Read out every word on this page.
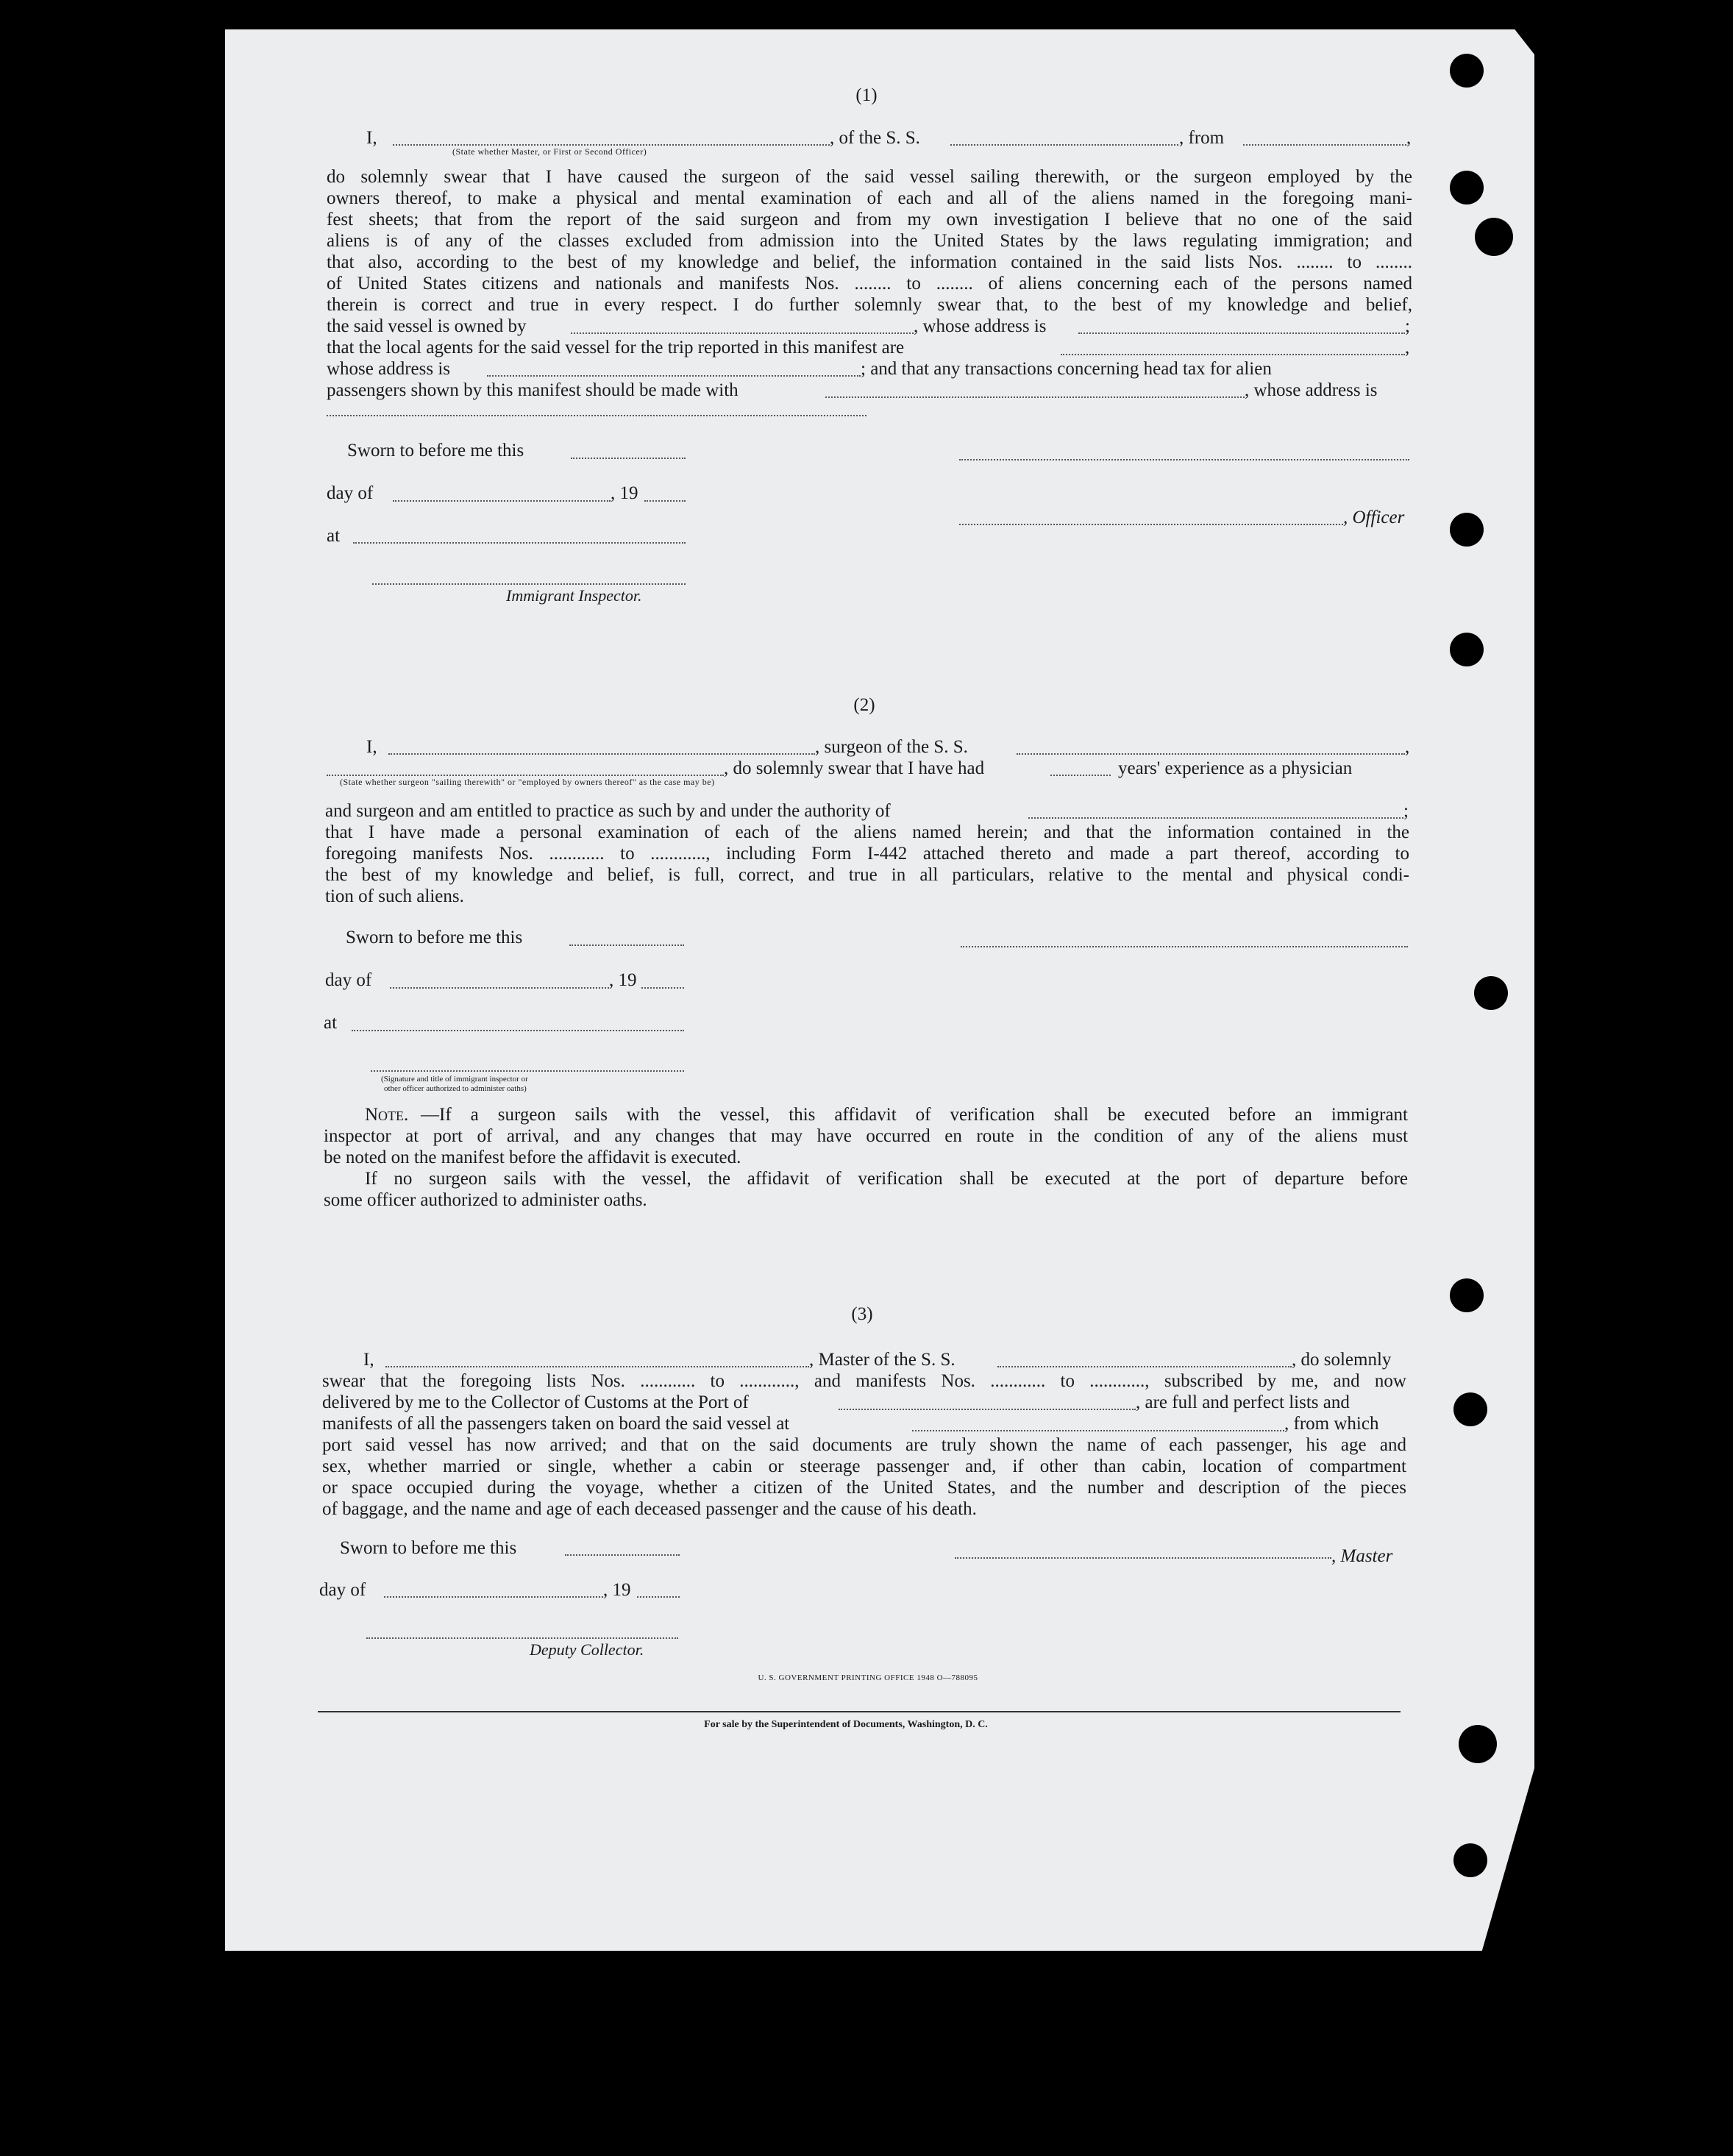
(1)
I,	, of the S. S.	, from	,
(State whether Master, or First or Second Officer)
do solemnly swear that I have caused the surgeon of the said vessel sailing therewith, or the surgeon employed by the
owners thereof, to make a physical and mental examination of each and all of the aliens named in the foregoing mani-
fest sheets; that from the report of the said surgeon and from my own investigation I believe that no one of the said
aliens is of any of the classes excluded from admission into the United States by the laws regulating immigration; and
that also, according to the best of my knowledge and belief, the information contained in the said lists Nos. ........ to ........
of United States citizens and nationals and manifests Nos. ........ to ........ of aliens concerning each of the persons named
therein is correct and true in every respect. I do further solemnly swear that, to the best of my knowledge and belief,
the said vessel is owned by	, whose address is	;
that the local agents for the said vessel for the trip reported in this manifest are	,
whose address is	; and that any transactions concerning head tax for alien
passengers shown by this manifest should be made with	, whose address is
Sworn to before me this
day of	, 19
, Officer
at
Immigrant Inspector.
(2)
I,	, surgeon of the S. S.	,
, do solemnly swear that I have had	years' experience as a physician
(State whether surgeon "sailing therewith" or "employed by owners thereof" as the case may be)
and surgeon and am entitled to practice as such by and under the authority of	;
that I have made a personal examination of each of the aliens named herein; and that the information contained in the
foregoing manifests Nos. ............ to ............, including Form I-442 attached thereto and made a part thereof, according to
the best of my knowledge and belief, is full, correct, and true in all particulars, relative to the mental and physical condi-
tion of such aliens.
Sworn to before me this
day of	, 19
at
(Signature and title of immigrant inspector or
other officer authorized to administer oaths)
Note. —If a surgeon sails with the vessel, this affidavit of verification shall be executed before an immigrant
inspector at port of arrival, and any changes that may have occurred en route in the condition of any of the aliens must
be noted on the manifest before the affidavit is executed.
If no surgeon sails with the vessel, the affidavit of verification shall be executed at the port of departure before
some officer authorized to administer oaths.
(3)
I,	, Master of the S. S.	, do solemnly
swear that the foregoing lists Nos. ............ to ............, and manifests Nos. ............ to ............, subscribed by me, and now
delivered by me to the Collector of Customs at the Port of	, are full and perfect lists and
manifests of all the passengers taken on board the said vessel at	, from which
port said vessel has now arrived; and that on the said documents are truly shown the name of each passenger, his age and
sex, whether married or single, whether a cabin or steerage passenger and, if other than cabin, location of compartment
or space occupied during the voyage, whether a citizen of the United States, and the number and description of the pieces
of baggage, and the name and age of each deceased passenger and the cause of his death.
Sworn to before me this	, Master
day of	, 19
Deputy Collector.
U. S. GOVERNMENT PRINTING OFFICE 1948 O—788095
For sale by the Superintendent of Documents, Washington, D. C.
